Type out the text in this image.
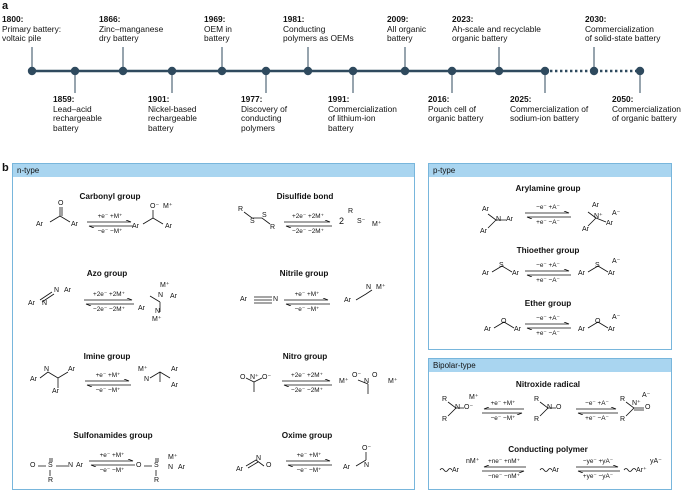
a
1800:
Primary battery:
voltaic pile
1866:
Zinc–manganese
dry battery
1969:
OEM in
battery
1981:
Conducting
polymers as OEMs
2009:
All organic
battery
2023:
Ah-scale and recyclable
organic battery
2030:
Commercialization
of solid-state battery
1859:
Lead–acid
rechargeable
battery
1901:
Nickel-based
rechargeable
battery
1977:
Discovery of
conducting
polymers
1991:
Commercialization
of lithium-ion
battery
2016:
Pouch cell of
organic battery
2025:
Commercialization of
sodium-ion battery
2050:
Commercialization
of organic battery
b	n-type	p-type
Bipolar-type
Carbonyl group	Disulfide bond
Azo group	Nitrile group
Imine group	Nitro group
Sulfonamides group	Oxime group
Arylamine group
Thioether group
Ether group
Nitroxide radical
Conducting polymer
+e⁻ +M⁺
−e⁻ −M⁺
+2e⁻ +2M⁺
−2e⁻ −2M⁺
+2e⁻ +2M⁺
−2e⁻ −2M⁺
+e⁻ +M⁺
−e⁻ −M⁺
+e⁻ +M⁺
−e⁻ −M⁺
+2e⁻ +2M⁺
−2e⁻ −2M⁺
+e⁻ +M⁺
−e⁻ −M⁺
+e⁻ +M⁺
−e⁻ −M⁺
−e⁻ +A⁻
+e⁻ −A⁻
−e⁻ +A⁻
+e⁻ −A⁻
−e⁻ +A⁻
+e⁻ −A⁻
+e⁻ +M⁺
−e⁻ −M⁺
−e⁻ +A⁻
+e⁻ −A⁻
+ne⁻ +nM⁺
−ne⁻ −nM⁺
−ye⁻ +yA⁻
+ye⁻ −yA⁻
Ar
O
Ar	Ar
O⁻ M⁺
Ar
R
S
S
R
2
R
S⁻ M⁺
Ar N
N Ar
M⁺
N Ar
Ar N
M⁺
Ar	N	Ar
N M⁺
Ar
N	Ar
Ar
M⁺
N
Ar
Ar
O N⁺ O⁻
M⁺
O⁻
N
O
M⁺
O S
R
N Ar	O S
R
M⁺
N Ar	Ar
N
O	Ar N
O⁻
Ar
N Ar
Ar
Ar
N⁺ A⁻
Ar
Ar
Ar
S
Ar	Ar
S
A⁻
Ar
Ar
O
Ar	Ar
O
A⁻
Ar
R
N O⁻
M⁺
R
R
N O
R
R
N⁺
O
A⁻
R
nM⁺
Ar	Ar	Ar⁺
yA⁻
